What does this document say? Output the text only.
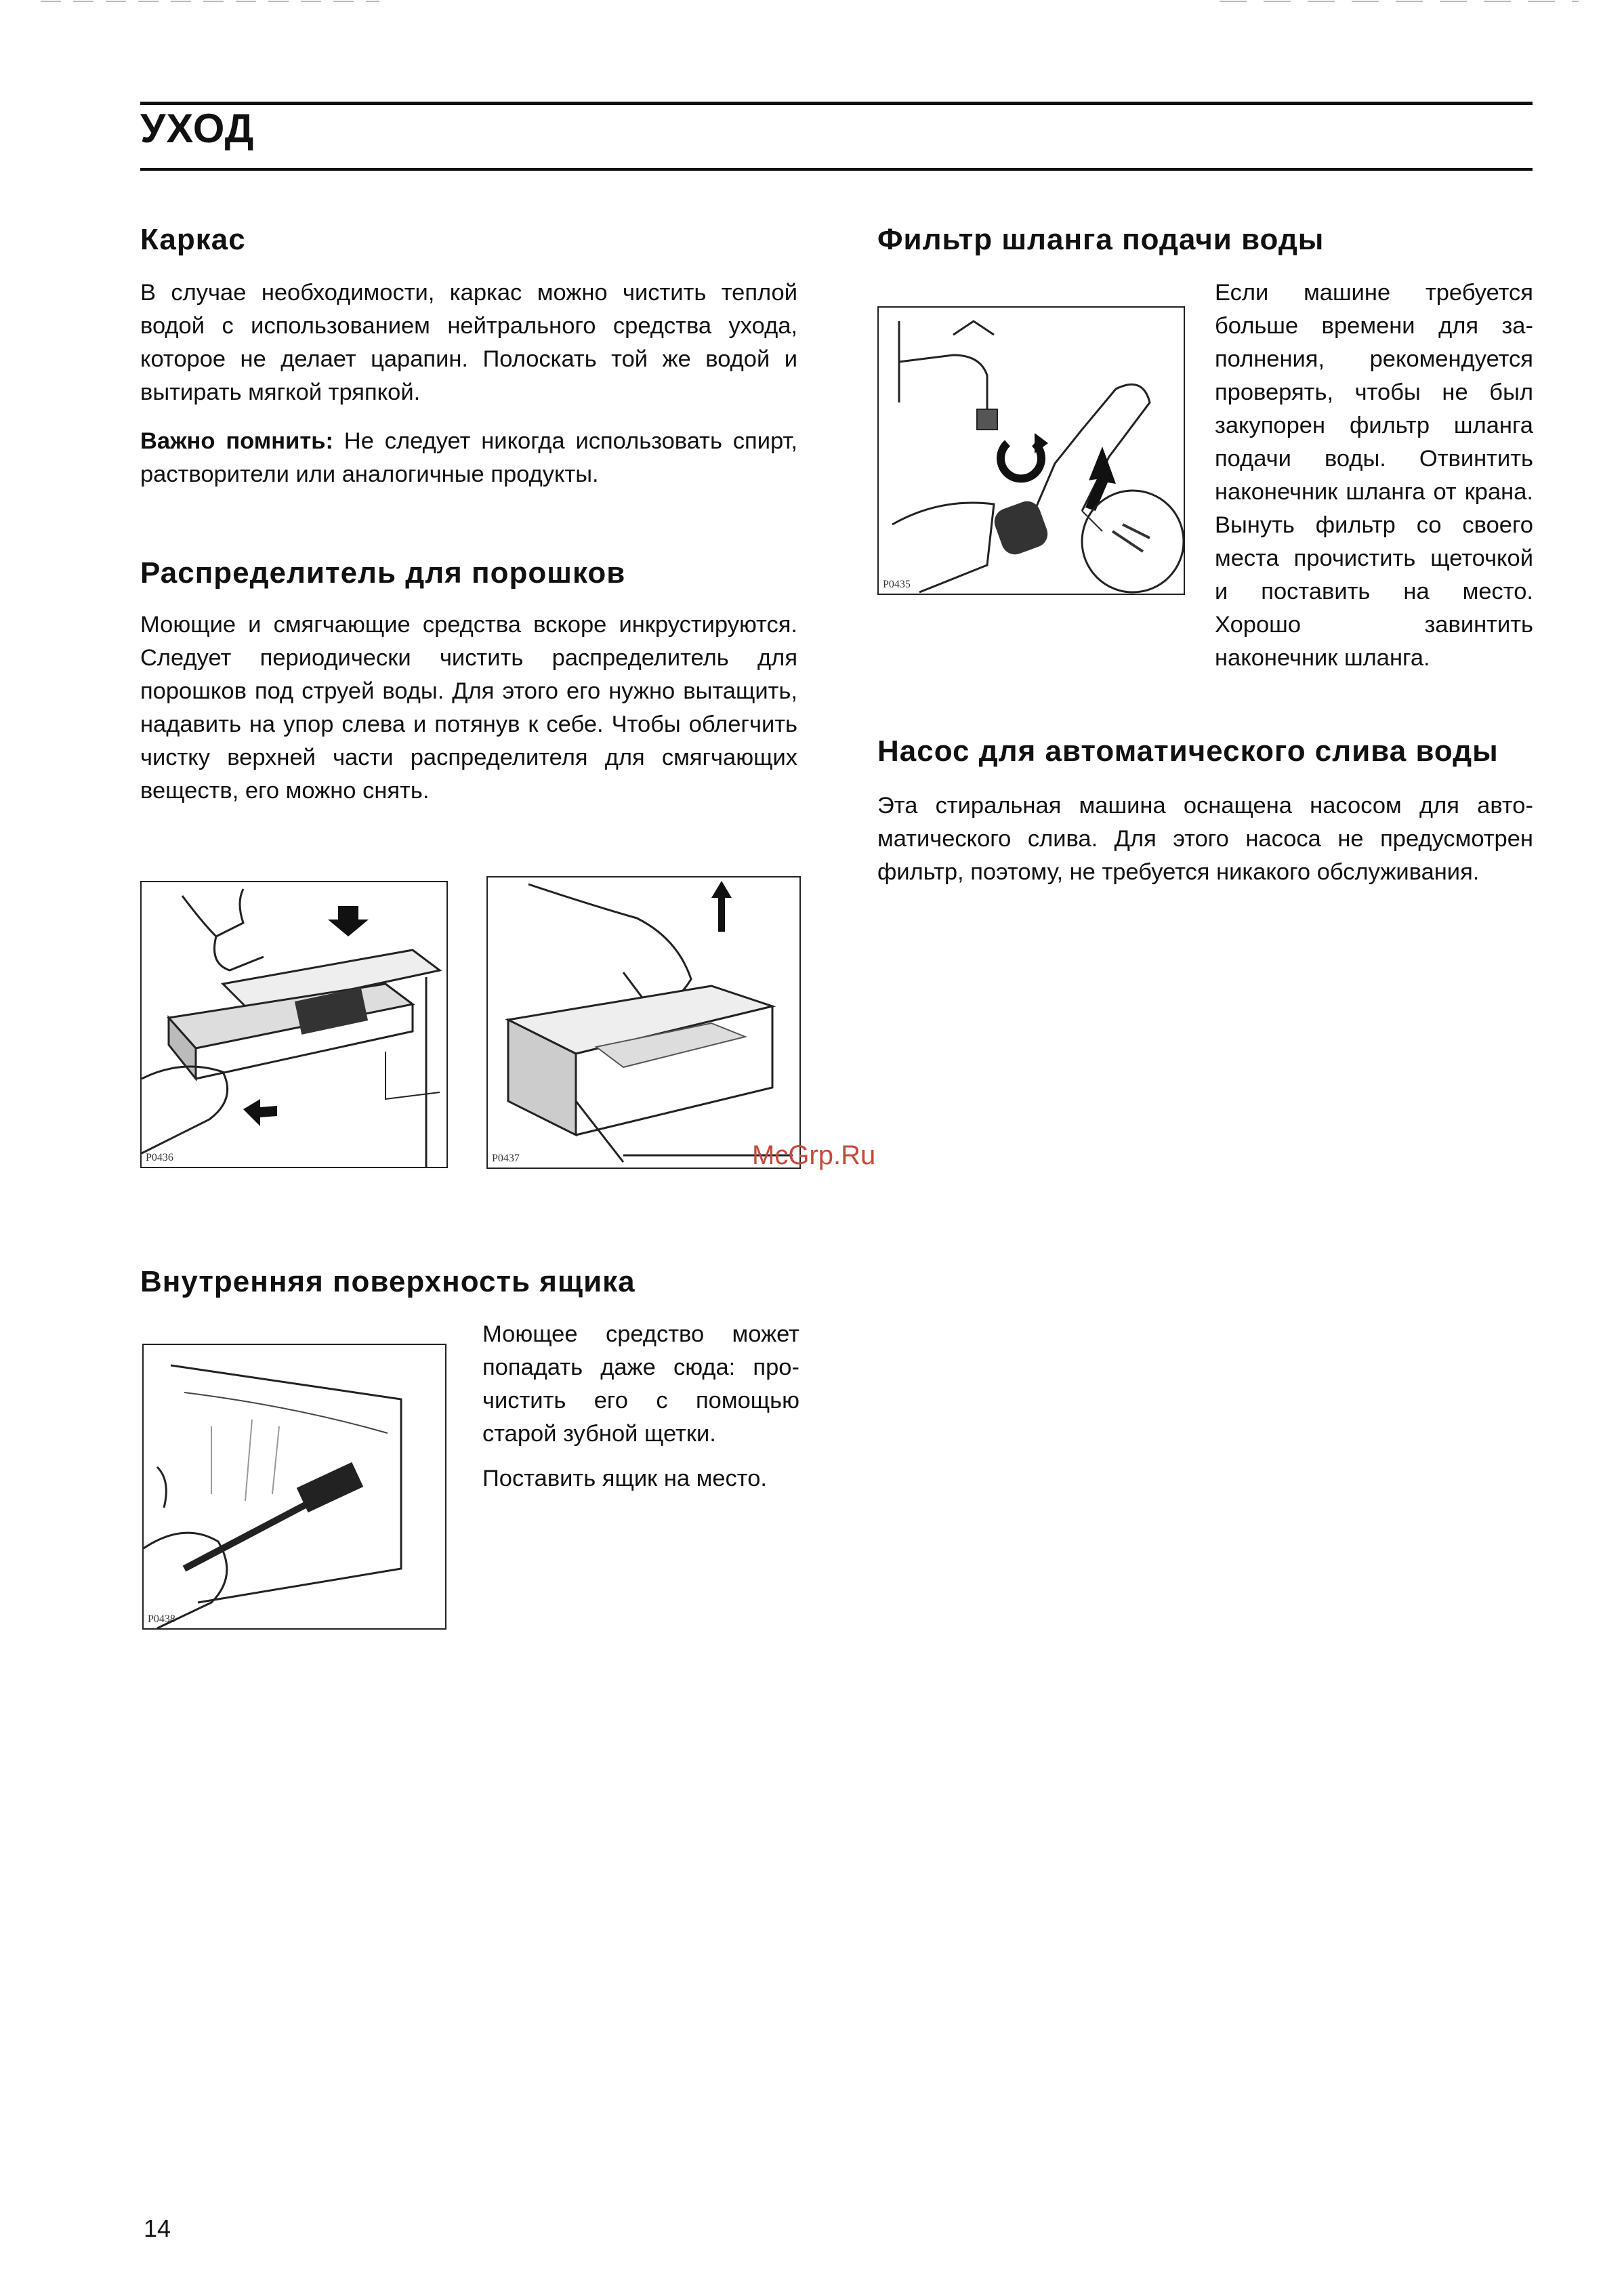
УХОД
Каркас

В случае необходимости, каркас можно чистить теплой водой с использованием нейтрального средства ухода, которое не делает царапин. Полоскать той же водой и вытирать мягкой тряпкой.

Важно помнить: Не следует никогда использовать спирт, растворители или аналогичные продукты.

Распределитель для порошков

Моющие и смягчающие средства вскоре инкрустируются. Следует периодически чистить распределитель для порошков под струей воды. Для этого его нужно вытащить, надавить на упор слева и потянув к себе. Чтобы облегчить чистку верхней части распределителя для смягчающих веществ, его можно снять.

P0436	P0437	McGrp.Ru
Внутренняя поверхность ящика
P0438

Моющее средство может попадать даже сюда: прочистить его с помощью старой зубной щетки.

Поставить ящик на место.

Фильтр шланга подачи воды
P0435

Если машине требуется больше времени для заполнения, рекомендуется проверять, чтобы не был закупорен фильтр шланга подачи воды. Отвинтить наконечник шланга от крана. Вынуть фильтр со своего места прочистить щеточкой и поставить на место. Хорошо завинтить наконечник шланга.

Насос для автоматического слива воды

Эта стиральная машина оснащена насосом для автоматического слива. Для этого насоса не предусмотрен фильтр, поэтому, не требуется никакого обслуживания.

14
